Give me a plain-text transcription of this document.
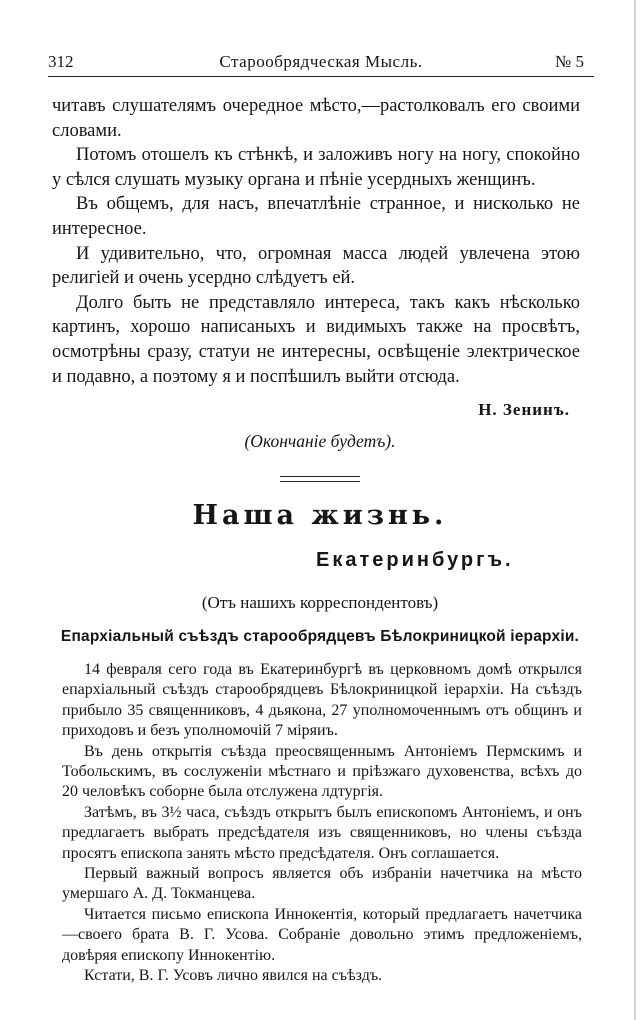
312	Старообрядческая Мысль.	№ 5

читавъ слушателямъ очередное мѣсто,—растолковалъ его своими словами.

Потомъ отошелъ къ стѣнкѣ, и заложивъ ногу на ногу, спокойно у сѣлся слушать музыку органа и пѣніе усердныхъ женщинъ.

Въ общемъ, для насъ, впечатлѣніе странное, и нисколько не интересное.

И удивительно, что, огромная масса людей увлечена этою религіей и очень усердно слѣдуетъ ей.

Долго быть не представляло интереса, такъ какъ нѣсколько картинъ, хорошо написаныхъ и видимыхъ также на просвѣтъ, осмотрѣны сразу, статуи не интересны, освѣщеніе электрическое и подавно, а поэтому я и поспѣшилъ выйти отсюда.

Н. Зенинъ.
(Окончаніе будетъ).
Наша жизнь.
Екатеринбургъ.
(Отъ нашихъ корреспондентовъ)
Епархіальный съѣздъ старообрядцевъ Бѣлокриницкой іерархіи.

14 февраля сего года въ Екатеринбургѣ въ церковномъ домѣ открылся епархіальный съѣздъ старообрядцевъ Бѣлокриницкой іерархіи. На съѣздъ прибыло 35 священниковъ, 4 дьякона, 27 уполномоченнымъ отъ общинъ и приходовъ и безъ уполномочій 7 міряиъ.

Въ день открытія съѣзда преосвященнымъ Антоніемъ Пермскимъ и Тобольскимъ, въ сослуженіи мѣстнаго и пріѣзжаго духовенства, всѣхъ до 20 человѣкъ соборне была отслужена лдтургія.

Затѣмъ, въ 3½ часа, съѣздъ открытъ былъ епископомъ Антоніемъ, и онъ предлагаетъ выбрать предсѣдателя изъ священниковъ, но члены съѣзда просятъ епископа занять мѣсто предсѣдателя. Онъ соглашается.

Первый важный вопросъ является объ избраніи начетчика на мѣсто умершаго А. Д. Токманцева.

Читается письмо епископа Иннокентія, который предлагаетъ начетчика—своего брата В. Г. Усова. Собраніе довольно этимъ предложеніемъ, довѣряя епископу Иннокентію.

Кстати, В. Г. Усовъ лично явился на съѣздъ.
